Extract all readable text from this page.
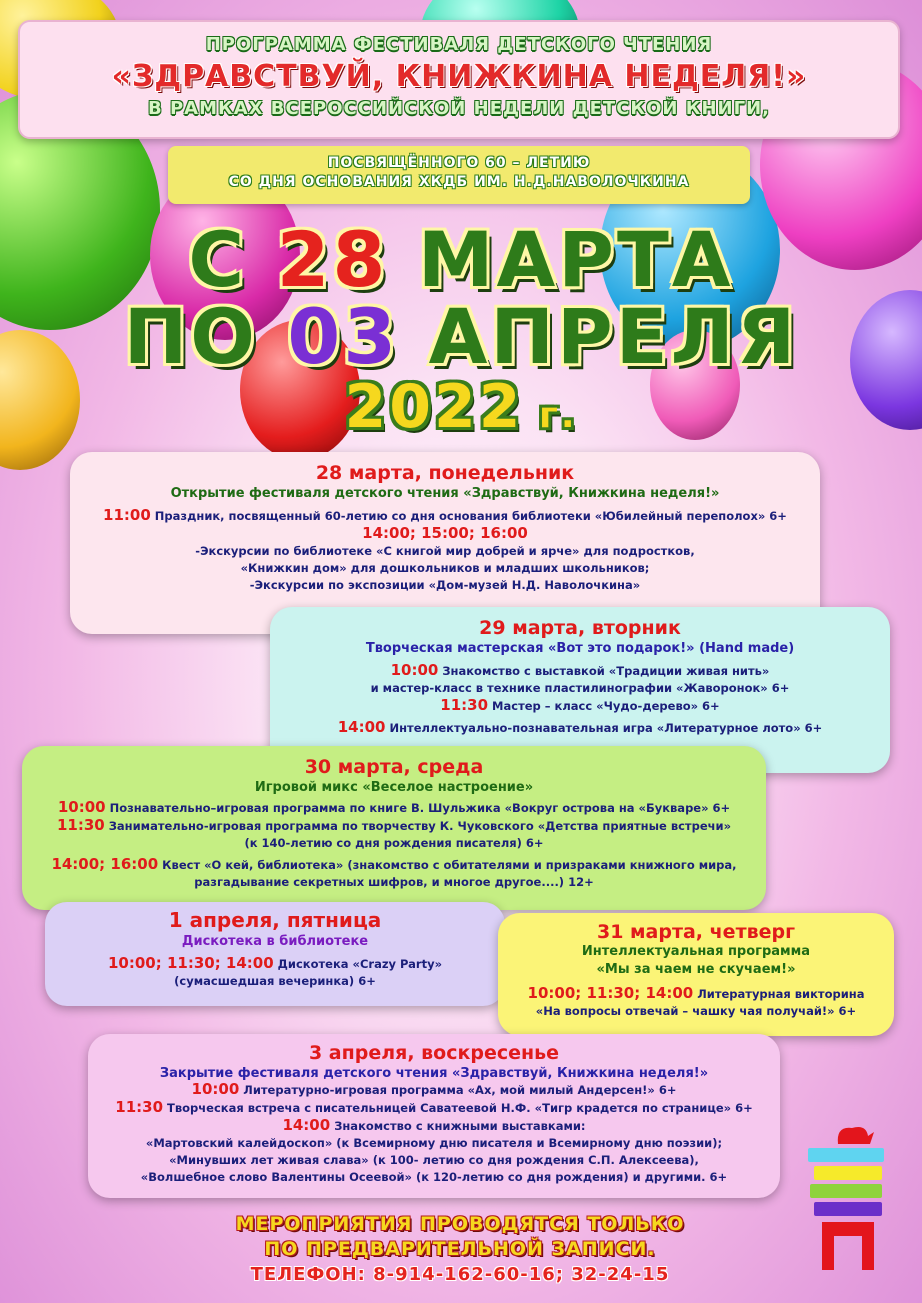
ПРОГРАММА ФЕСТИВАЛЯ ДЕТСКОГО ЧТЕНИЯ
«ЗДРАВСТВУЙ, КНИЖКИНА НЕДЕЛЯ!»
В РАМКАХ ВСЕРОССИЙСКОЙ НЕДЕЛИ ДЕТСКОЙ КНИГИ,
ПОСВЯЩЁННОГО 60 – ЛЕТИЮ
СО ДНЯ ОСНОВАНИЯ ХКДБ ИМ. Н.Д.НАВОЛОЧКИНА
С 28 МАРТА
ПО 03 АПРЕЛЯ
2022 г.
28 марта, понедельник
Открытие фестиваля детского чтения «Здравствуй, Книжкина неделя!»
11:00 Праздник, посвященный 60-летию со дня основания библиотеки «Юбилейный переполох» 6+
14:00; 15:00; 16:00
-Экскурсии по библиотеке «С книгой мир добрей и ярче» для подростков,
«Книжкин дом» для дошкольников и младших школьников;
-Экскурсии по экспозиции «Дом-музей Н.Д. Наволочкина»
29 марта, вторник
Творческая мастерская «Вот это подарок!» (Hand made)
10:00 Знакомство с выставкой «Традиции живая нить»
и мастер-класс в технике пластилинографии «Жаворонок» 6+
11:30 Мастер – класс «Чудо-дерево» 6+
14:00 Интеллектуально-познавательная игра «Литературное лото» 6+
30 марта, среда
Игровой микс «Веселое настроение»
10:00 Познавательно–игровая программа по книге В. Шульжика «Вокруг острова на «Букваре» 6+
11:30 Занимательно-игровая программа по творчеству К. Чуковского «Детства приятные встречи»
(к 140-летию со дня рождения писателя) 6+
14:00; 16:00 Квест «О кей, библиотека» (знакомство с обитателями и призраками книжного мира,
разгадывание секретных шифров, и многое другое....) 12+
1 апреля, пятница
Дискотека в библиотеке
10:00; 11:30; 14:00 Дискотека «Crazy Party»
(сумасшедшая вечеринка) 6+
31 марта, четверг
Интеллектуальная программа
«Мы за чаем не скучаем!»
10:00; 11:30; 14:00 Литературная викторина
«На вопросы отвечай – чашку чая получай!» 6+
3 апреля, воскресенье
Закрытие фестиваля детского чтения «Здравствуй, Книжкина неделя!»
10:00 Литературно-игровая программа «Ах, мой милый Андерсен!» 6+
11:30 Творческая встреча с писательницей Саватеевой Н.Ф. «Тигр крадется по странице» 6+
14:00 Знакомство с книжными выставками:
«Мартовский калейдоскоп» (к Всемирному дню писателя и Всемирному дню поэзии);
«Минувших лет живая слава» (к 100- летию со дня рождения С.П. Алексеева),
«Волшебное слово Валентины Осеевой» (к 120-летию со дня рождения) и другими. 6+
МЕРОПРИЯТИЯ ПРОВОДЯТСЯ ТОЛЬКО
ПО ПРЕДВАРИТЕЛЬНОЙ ЗАПИСИ.
ТЕЛЕФОН: 8-914-162-60-16; 32-24-15
